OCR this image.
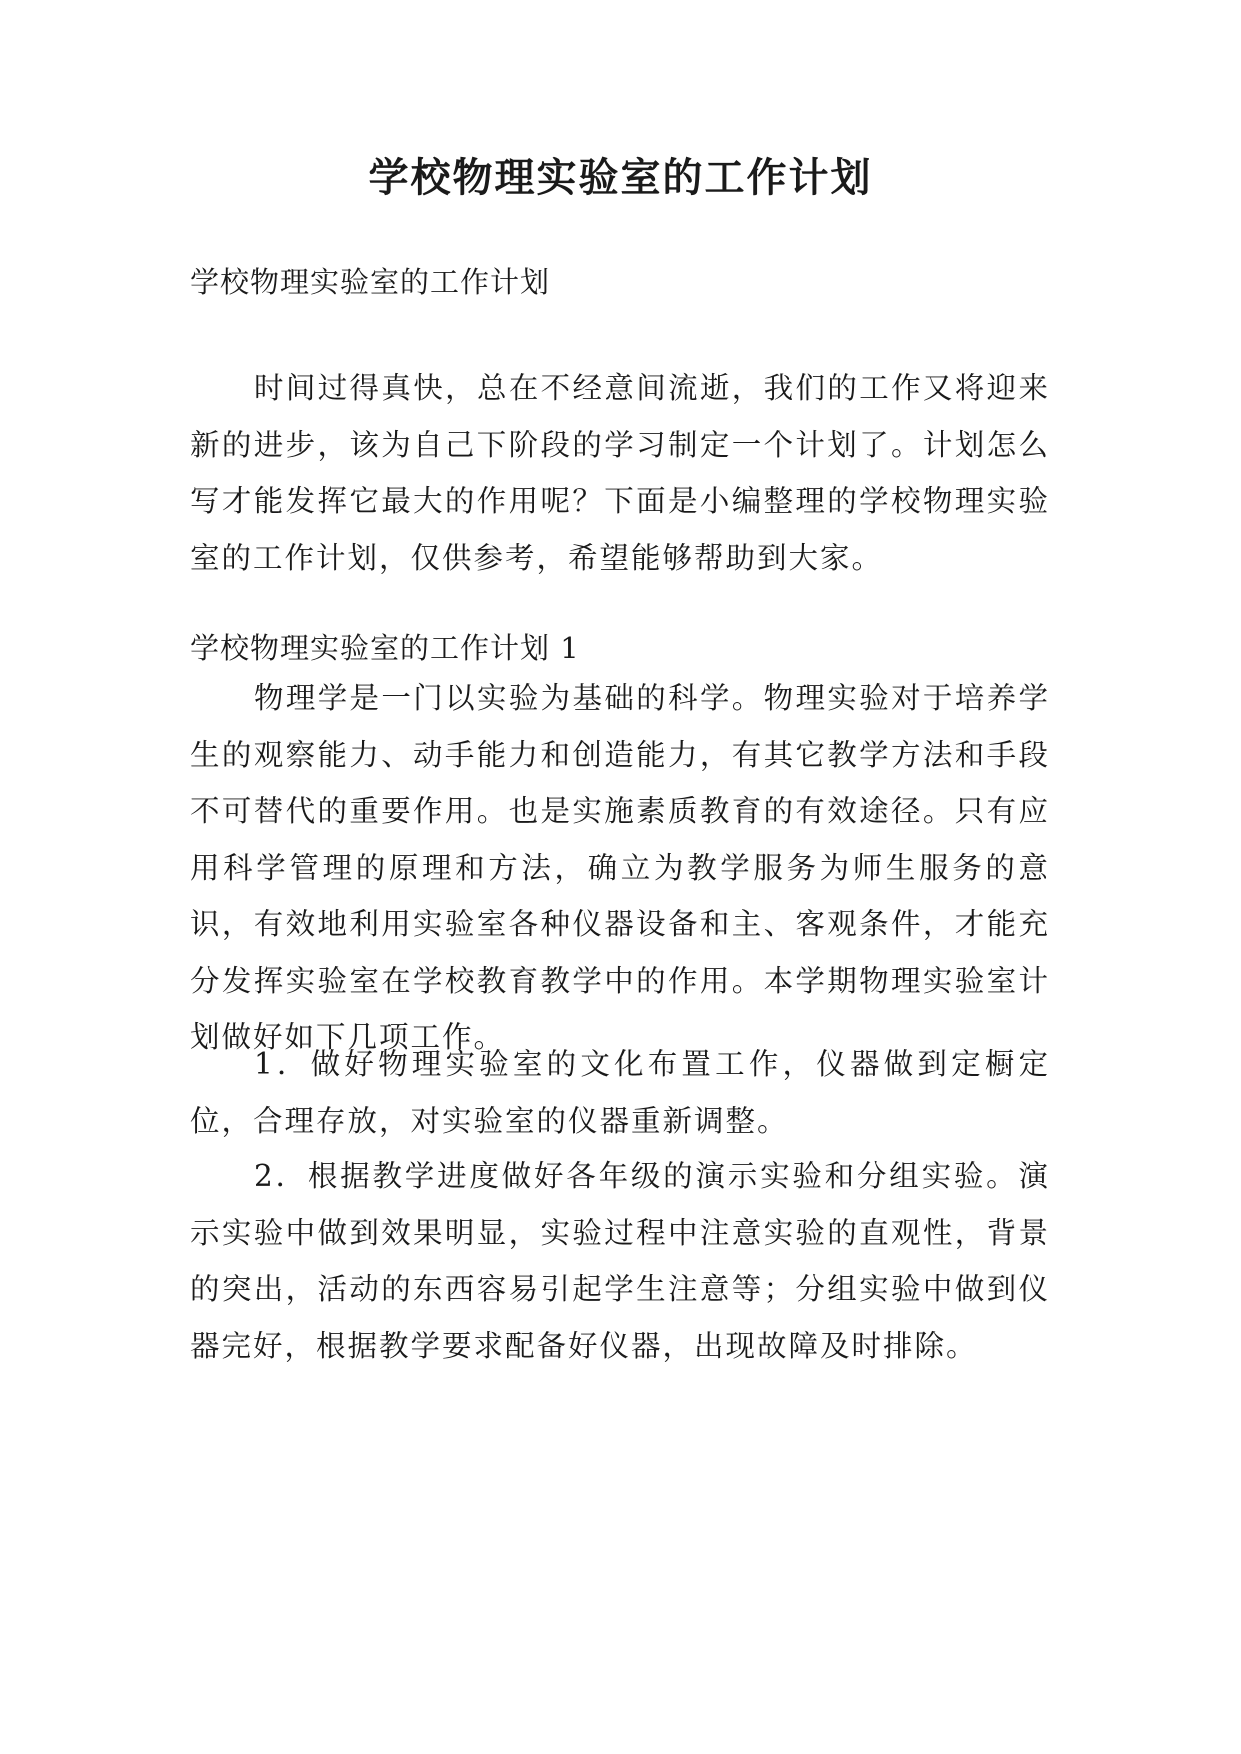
学校物理实验室的工作计划
学校物理实验室的工作计划
时间过得真快，总在不经意间流逝，我们的工作又将迎来新的进步，该为自己下阶段的学习制定一个计划了。计划怎么写才能发挥它最大的作用呢？下面是小编整理的学校物理实验室的工作计划，仅供参考，希望能够帮助到大家。
学校物理实验室的工作计划 1
物理学是一门以实验为基础的科学。物理实验对于培养学生的观察能力、动手能力和创造能力，有其它教学方法和手段不可替代的重要作用。也是实施素质教育的有效途径。只有应用科学管理的原理和方法，确立为教学服务为师生服务的意识，有效地利用实验室各种仪器设备和主、客观条件，才能充分发挥实验室在学校教育教学中的作用。本学期物理实验室计划做好如下几项工作。
1．做好物理实验室的文化布置工作，仪器做到定橱定位，合理存放，对实验室的仪器重新调整。
2．根据教学进度做好各年级的演示实验和分组实验。演示实验中做到效果明显，实验过程中注意实验的直观性，背景的突出，活动的东西容易引起学生注意等；分组实验中做到仪器完好，根据教学要求配备好仪器，出现故障及时排除。
